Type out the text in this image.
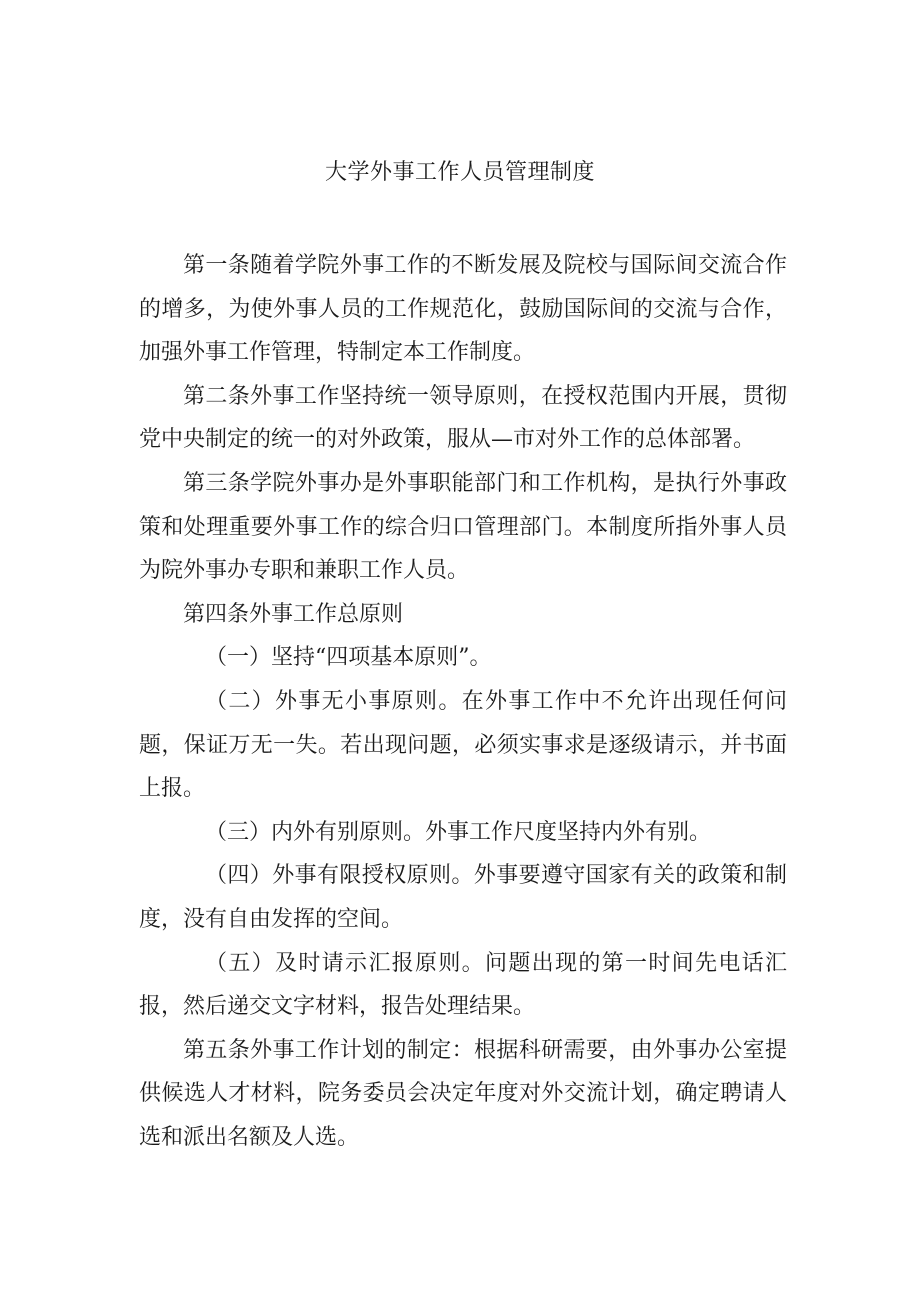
大学外事工作人员管理制度

第一条随着学院外事工作的不断发展及院校与国际间交流合作的增多，为使外事人员的工作规范化，鼓励国际间的交流与合作，加强外事工作管理，特制定本工作制度。

第二条外事工作坚持统一领导原则，在授权范围内开展，贯彻党中央制定的统一的对外政策，服从—市对外工作的总体部署。

第三条学院外事办是外事职能部门和工作机构，是执行外事政策和处理重要外事工作的综合归口管理部门。本制度所指外事人员为院外事办专职和兼职工作人员。

第四条外事工作总原则

（一）坚持“四项基本原则”。

（二）外事无小事原则。在外事工作中不允许出现任何问题，保证万无一失。若出现问题，必须实事求是逐级请示，并书面上报。

（三）内外有别原则。外事工作尺度坚持内外有别。

（四）外事有限授权原则。外事要遵守国家有关的政策和制度，没有自由发挥的空间。

（五）及时请示汇报原则。问题出现的第一时间先电话汇报，然后递交文字材料，报告处理结果。

第五条外事工作计划的制定：根据科研需要，由外事办公室提供候选人才材料，院务委员会决定年度对外交流计划，确定聘请人选和派出名额及人选。
